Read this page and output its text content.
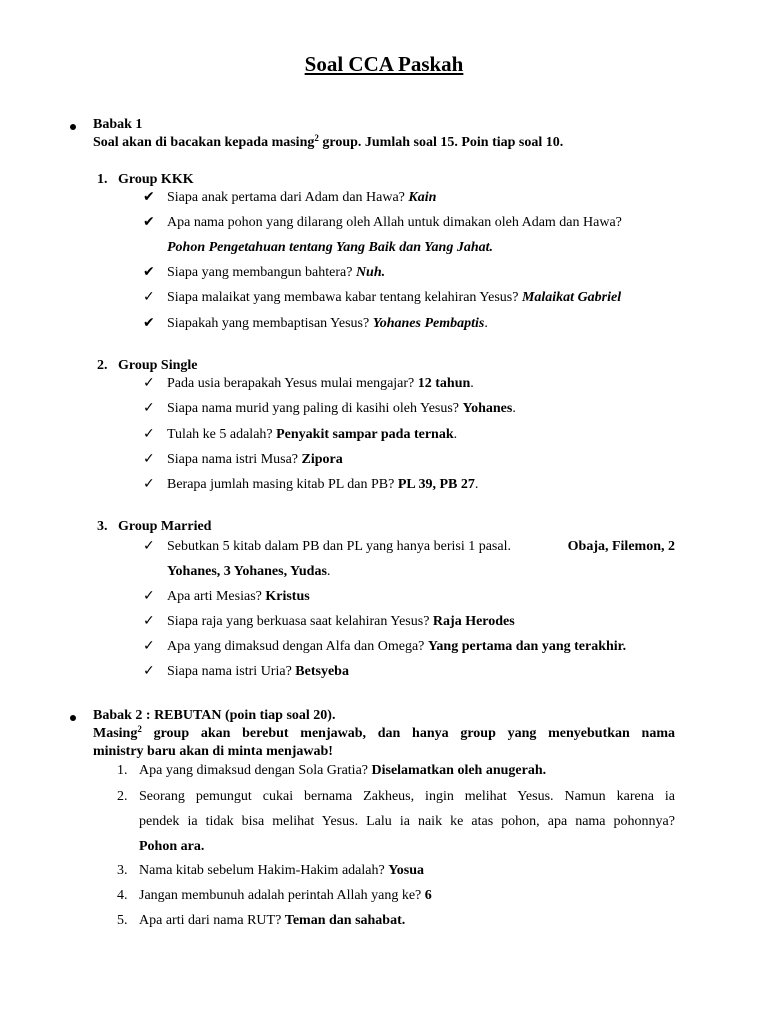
Soal CCA Paskah
Babak 1
Soal akan di bacakan kepada masing$^2$ group. Jumlah soal 15. Poin tiap soal 10.
1. Group KKK
✔ Siapa anak pertama dari Adam dan Hawa? Kain
✔ Apa nama pohon yang dilarang oleh Allah untuk dimakan oleh Adam dan Hawa?
Pohon Pengetahuan tentang Yang Baik dan Yang Jahat.
✔ Siapa yang membangun bahtera? Nuh.
✓ Siapa malaikat yang membawa kabar tentang kelahiran Yesus? Malaikat Gabriel
✔ Siapakah yang membaptisan Yesus? Yohanes Pembaptis.
2. Group Single
✓ Pada usia berapakah Yesus mulai mengajar? 12 tahun.
✓ Siapa nama murid yang paling di kasihi oleh Yesus? Yohanes.
✓ Tulah ke 5 adalah? Penyakit sampar pada ternak.
✓ Siapa nama istri Musa? Zipora
✓ Berapa jumlah masing kitab PL dan PB? PL 39, PB 27.
3. Group Married
✓ Sebutkan 5 kitab dalam PB dan PL yang hanya berisi 1 pasal.	Obaja, Filemon, 2
Yohanes, 3 Yohanes, Yudas.
✓ Apa arti Mesias? Kristus
✓ Siapa raja yang berkuasa saat kelahiran Yesus? Raja Herodes
✓ Apa yang dimaksud dengan Alfa dan Omega? Yang pertama dan yang terakhir.
✓ Siapa nama istri Uria? Betsyeba
Babak 2 : REBUTAN (poin tiap soal 20).
Masing$^2$ group akan berebut menjawab, dan hanya group yang menyebutkan nama
ministry baru akan di minta menjawab!
1. Apa yang dimaksud dengan Sola Gratia? Diselamatkan oleh anugerah.
2. Seorang pemungut cukai bernama Zakheus, ingin melihat Yesus. Namun karena ia
pendek ia tidak bisa melihat Yesus. Lalu ia naik ke atas pohon, apa nama pohonnya?
Pohon ara.
3. Nama kitab sebelum Hakim-Hakim adalah? Yosua
4. Jangan membunuh adalah perintah Allah yang ke? 6
5. Apa arti dari nama RUT? Teman dan sahabat.
